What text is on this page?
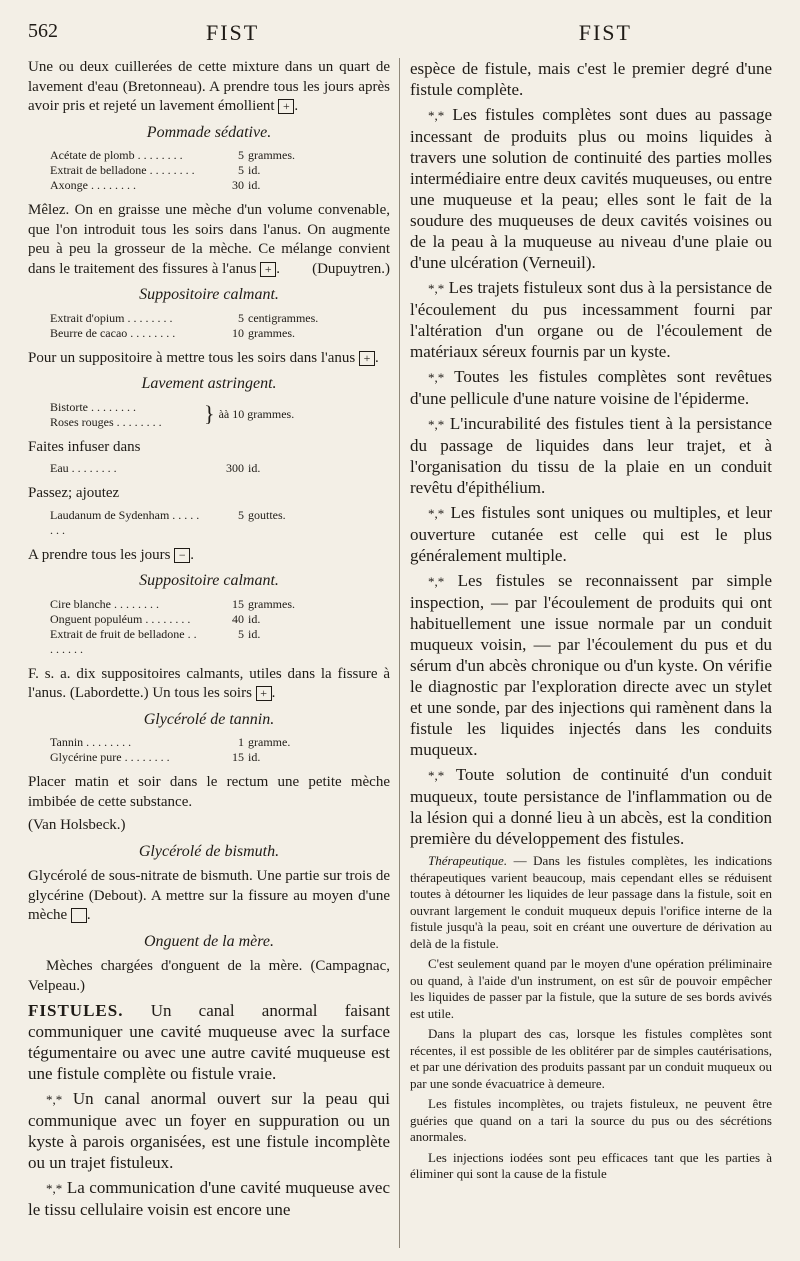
562	FIST	FIST

Une ou deux cuillerées de cette mixture dans un quart de lavement d'eau (Bretonneau). A prendre tous les jours après avoir pris et rejeté un lavement émollient + .

Pommade sédative.
Acétate de plomb . . . . . . . .	5	grammes.
Extrait de belladone . . . . . . . .	5	id.
Axonge . . . . . . . .	30	id.

Mêlez. On en graisse une mèche d'un volume convenable, que l'on introduit tous les soirs dans l'anus. On augmente peu à peu la grosseur de la mèche. Ce mélange convient dans le traitement des fissures à l'anus + . (Dupuytren.)

Suppositoire calmant.
Extrait d'opium . . . . . . . .	5	centigrammes.
Beurre de cacao . . . . . . . .	10	grammes.

Pour un suppositoire à mettre tous les soirs dans l'anus + .

Lavement astringent.
Bistorte . . . . . . . .	}	àà 10 grammes.
Roses rouges . . . . . . . .

Faites infuser dans

Eau . . . . . . . .	300	id.

Passez; ajoutez

Laudanum de Sydenham . . . . . . . .	5	gouttes.

A prendre tous les jours − .

Suppositoire calmant.
Cire blanche . . . . . . . .	15	grammes.
Onguent populéum . . . . . . . .	40	id.
Extrait de fruit de belladone . . . . . . . .	5	id.

F. s. a. dix suppositoires calmants, utiles dans la fissure à l'anus. (Labordette.) Un tous les soirs + .

Glycérolé de tannin.
Tannin . . . . . . . .	1	gramme.
Glycérine pure . . . . . . . .	15	id.

Placer matin et soir dans le rectum une petite mèche imbibée de cette substance.

(Van Holsbeck.)

Glycérolé de bismuth.

Glycérolé de sous-nitrate de bismuth. Une partie sur trois de glycérine (Debout). A mettre sur la fissure au moyen d'une mèche .

Onguent de la mère.

Mèches chargées d'onguent de la mère. (Campagnac, Velpeau.)

FISTULES. Un canal anormal faisant communiquer une cavité muqueuse avec la surface tégumentaire ou avec une autre cavité muqueuse est une fistule complète ou fistule vraie.

*,* Un canal anormal ouvert sur la peau qui communique avec un foyer en suppuration ou un kyste à parois organisées, est une fistule incomplète ou un trajet fistuleux.

*,* La communication d'une cavité muqueuse avec le tissu cellulaire voisin est encore une

espèce de fistule, mais c'est le premier degré d'une fistule complète.

*,* Les fistules complètes sont dues au passage incessant de produits plus ou moins liquides à travers une solution de continuité des parties molles intermédiaire entre deux cavités muqueuses, ou entre une muqueuse et la peau; elles sont le fait de la soudure des muqueuses de deux cavités voisines ou de la peau à la muqueuse au niveau d'une plaie ou d'une ulcération (Verneuil).

*,* Les trajets fistuleux sont dus à la persistance de l'écoulement du pus incessamment fourni par l'altération d'un organe ou de l'écoulement de matériaux séreux fournis par un kyste.

*,* Toutes les fistules complètes sont revêtues d'une pellicule d'une nature voisine de l'épiderme.

*,* L'incurabilité des fistules tient à la persistance du passage de liquides dans leur trajet, et à l'organisation du tissu de la plaie en un conduit revêtu d'épithélium.

*,* Les fistules sont uniques ou multiples, et leur ouverture cutanée est celle qui est le plus généralement multiple.

*,* Les fistules se reconnaissent par simple inspection, — par l'écoulement de produits qui ont habituellement une issue normale par un conduit muqueux voisin, — par l'écoulement du pus et du sérum d'un abcès chronique ou d'un kyste. On vérifie le diagnostic par l'exploration directe avec un stylet et une sonde, par des injections qui ramènent dans la fistule les liquides injectés dans les conduits muqueux.

*,* Toute solution de continuité d'un conduit muqueux, toute persistance de l'inflammation ou de la lésion qui a donné lieu à un abcès, est la condition première du développement des fistules.

Thérapeutique. — Dans les fistules complètes, les indications thérapeutiques varient beaucoup, mais cependant elles se réduisent toutes à détourner les liquides de leur passage dans la fistule, soit en ouvrant largement le conduit muqueux depuis l'orifice interne de la fistule jusqu'à la peau, soit en créant une ouverture de dérivation au delà de la fistule.

C'est seulement quand par le moyen d'une opération préliminaire ou quand, à l'aide d'un instrument, on est sûr de pouvoir empêcher les liquides de passer par la fistule, que la suture de ses bords avivés est utile.

Dans la plupart des cas, lorsque les fistules complètes sont récentes, il est possible de les oblitérer par de simples cautérisations, et par une dérivation des produits passant par un conduit muqueux ou par une sonde évacuatrice à demeure.

Les fistules incomplètes, ou trajets fistuleux, ne peuvent être guéries que quand on a tari la source du pus ou des sécrétions anormales.

Les injections iodées sont peu efficaces tant que les parties à éliminer qui sont la cause de la fistule
